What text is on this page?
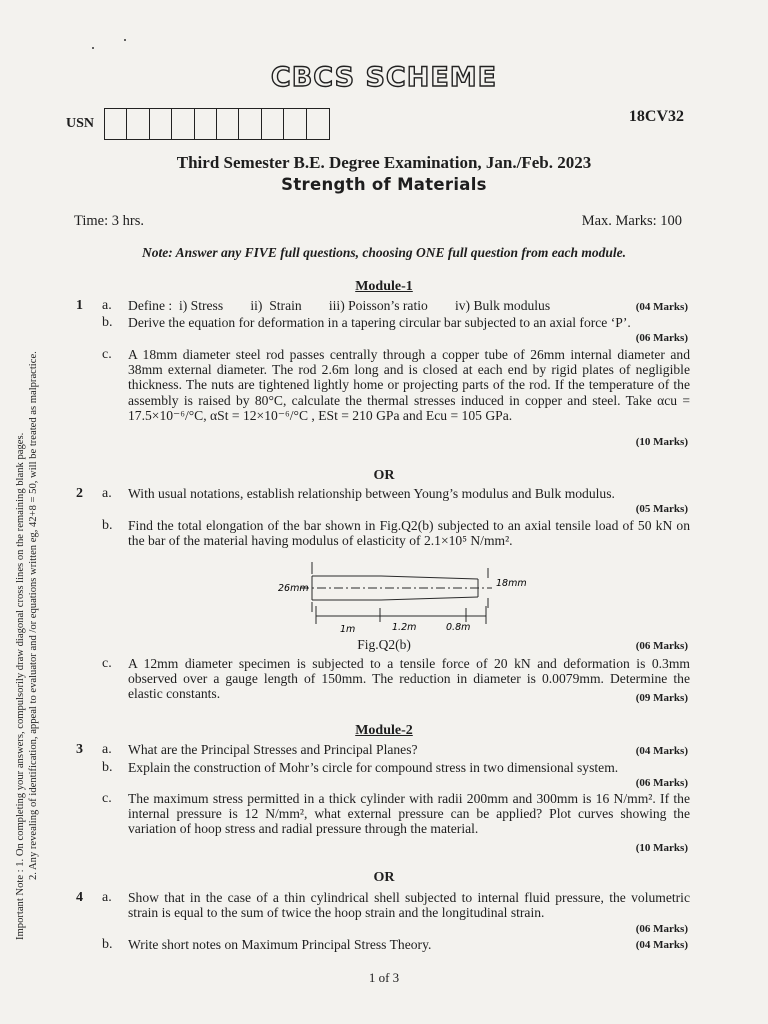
CBCS SCHEME
USN	18CV32
Third Semester B.E. Degree Examination, Jan./Feb. 2023
Strength of Materials
Time: 3 hrs.	Max. Marks: 100
Note: Answer any FIVE full questions, choosing ONE full question from each module.
Module-1
1 a. Define :  i) Stress        ii)  Strain        iii) Poisson’s ratio        iv) Bulk modulus	(04 Marks)
b. Derive the equation for deformation in a tapering circular bar subjected to an axial force ‘P’.
(06 Marks)
c. A 18mm diameter steel rod passes centrally through a copper tube of 26mm internal diameter and 38mm external diameter. The rod 2.6m long and is closed at each end by rigid plates of negligible thickness. The nuts are tightened lightly home or projecting parts of the rod. If the temperature of the assembly is raised by 80°C, calculate the thermal stresses induced in copper and steel. Take αcu = 17.5×10⁻⁶/°C, αSt = 12×10⁻⁶/°C , ESt = 210 GPa and Ecu = 105 GPa.
(10 Marks)
OR
2 a. With usual notations, establish relationship between Young’s modulus and Bulk modulus.
(05 Marks)
b. Find the total elongation of the bar shown in Fig.Q2(b) subjected to an axial tensile load of 50 kN on the bar of the material having modulus of elasticity of 2.1×10⁵ N/mm².
26mm	18mm
1m	1.2m	0.8m
Fig.Q2(b)	(06 Marks)
c. A 12mm diameter specimen is subjected to a tensile force of 20 kN and deformation is 0.3mm observed over a gauge length of 150mm. The reduction in diameter is 0.0079mm. Determine the elastic constants.	(09 Marks)
Module-2
3 a. What are the Principal Stresses and Principal Planes?	(04 Marks)
b. Explain the construction of Mohr’s circle for compound stress in two dimensional system.
(06 Marks)
c. The maximum stress permitted in a thick cylinder with radii 200mm and 300mm is 16 N/mm². If the internal pressure is 12 N/mm², what external pressure can be applied? Plot curves showing the variation of hoop stress and radial pressure through the material.
(10 Marks)
OR
4 a. Show that in the case of a thin cylindrical shell subjected to internal fluid pressure, the volumetric strain is equal to the sum of twice the hoop strain and the longitudinal strain.
(06 Marks)
b. Write short notes on Maximum Principal Stress Theory.	(04 Marks)
Important Note : 1. On completing your answers, compulsorily draw diagonal cross lines on the remaining blank pages. 2. Any revealing of identification, appeal to evaluator and /or equations written eg, 42+8 = 50, will be treated as malpractice.
1 of 3
